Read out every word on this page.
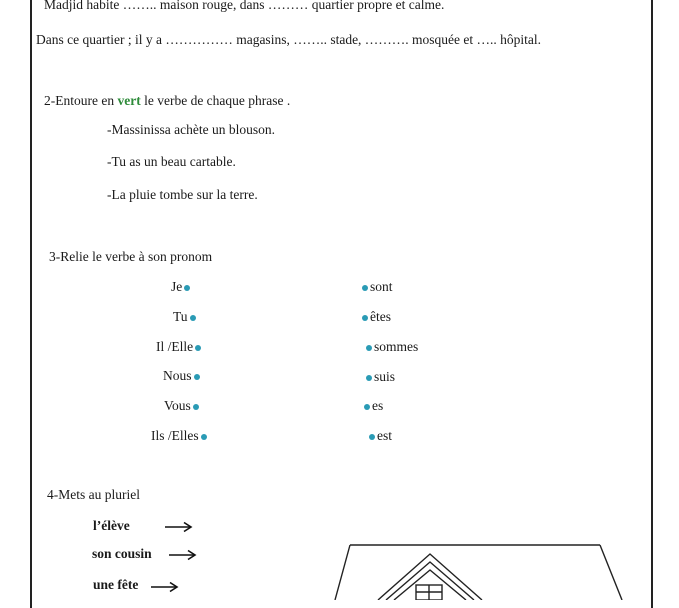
Madjid habite …….. maison rouge, dans ……… quartier propre et calme.
Dans ce quartier ; il y a …………… magasins, …….. stade, ………. mosquée et ….. hôpital.
2-Entoure en vert le verbe de chaque phrase .
-Massinissa achète un blouson.
-Tu as un beau cartable.
-La pluie tombe sur la terre.
3-Relie le verbe à son pronom
Je
Tu
Il /Elle
Nous
Vous
Ils /Elles
sont
êtes
sommes
suis
es
est
4-Mets au pluriel
l’élève
son cousin
une fête
